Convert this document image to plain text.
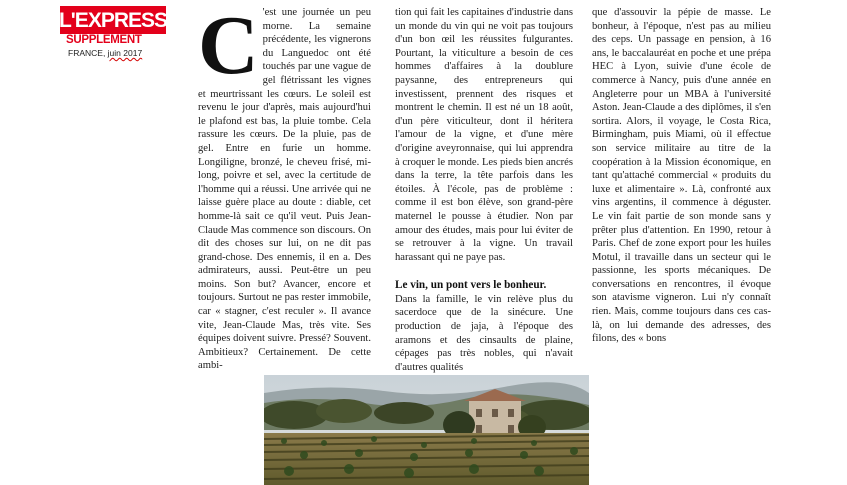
L'EXPRESS
SUPPLÉMENT
FRANCE, juin 2017 C 'est une journée un peu morne. La semaine précédente, les vignerons du Languedoc ont été touchés par une vague de gel flétrissant les vignes et meurtrissant les cœurs. Le soleil est revenu le jour d'après, mais aujourd'hui le plafond est bas, la pluie tombe. Cela rassure les cœurs. De la pluie, pas de gel. Entre en furie un homme. Longiligne, bronzé, le cheveu frisé, mi-long, poivre et sel, avec la certitude de l'homme qui a réussi. Une arrivée qui ne laisse guère place au doute : diable, cet homme-là sait ce qu'il veut. Puis Jean-Claude Mas commence son discours. On dit des choses sur lui, on ne dit pas grand-chose. Des ennemis, il en a. Des admirateurs, aussi. Peut-être un peu moins. Son but? Avancer, encore et toujours. Surtout ne pas rester immobile, car « stagner, c'est reculer ». Il avance vite, Jean-Claude Mas, très vite. Ses équipes doivent suivre. Pressé? Souvent. Ambitieux? Certainement. De cette ambi-

tion qui fait les capitaines d'industrie dans un monde du vin qui ne voit pas toujours d'un bon œil les réussites fulgurantes. Pourtant, la viticulture a besoin de ces hommes d'affaires à la doublure paysanne, des entrepreneurs qui investissent, prennent des risques et montrent le chemin. Il est né un 18 août, d'un père viticulteur, dont il héritera l'amour de la vigne, et d'une mère d'origine aveyronnaise, qui lui apprendra à croquer le monde. Les pieds bien ancrés dans la terre, la tête parfois dans les étoiles. À l'école, pas de problème : comme il est bon élève, son grand-père maternel le pousse à étudier. Non par amour des études, mais pour lui éviter de se retrouver à la vigne. Un travail harassant qui ne paye pas.

Le vin, un pont vers le bonheur.

Dans la famille, le vin relève plus du sacerdoce que de la sinécure. Une production de jaja, à l'époque des aramons et des cinsaults de plaine, cépages pas très nobles, qui n'avait d'autres qualités

que d'assouvir la pépie de masse. Le bonheur, à l'époque, n'est pas au milieu des ceps. Un passage en pension, à 16 ans, le baccalauréat en poche et une prépa HEC à Lyon, suivie d'une école de commerce à Nancy, puis d'une année en Angleterre pour un MBA à l'université Aston. Jean-Claude a des diplômes, il s'en sortira. Alors, il voyage, le Costa Rica, Birmingham, puis Miami, où il effectue son service militaire au titre de la coopération à la Mission économique, en tant qu'attaché commercial « produits du luxe et alimentaire ». Là, confronté aux vins argentins, il commence à déguster. Le vin fait partie de son monde sans y prêter plus d'attention. En 1990, retour à Paris. Chef de zone export pour les huiles Motul, il travaille dans un secteur qui le passionne, les sports mécaniques. De conversations en rencontres, il évoque son atavisme vigneron. Lui n'y connaît rien. Mais, comme toujours dans ces cas-là, on lui demande des adresses, des filons, des « bons
